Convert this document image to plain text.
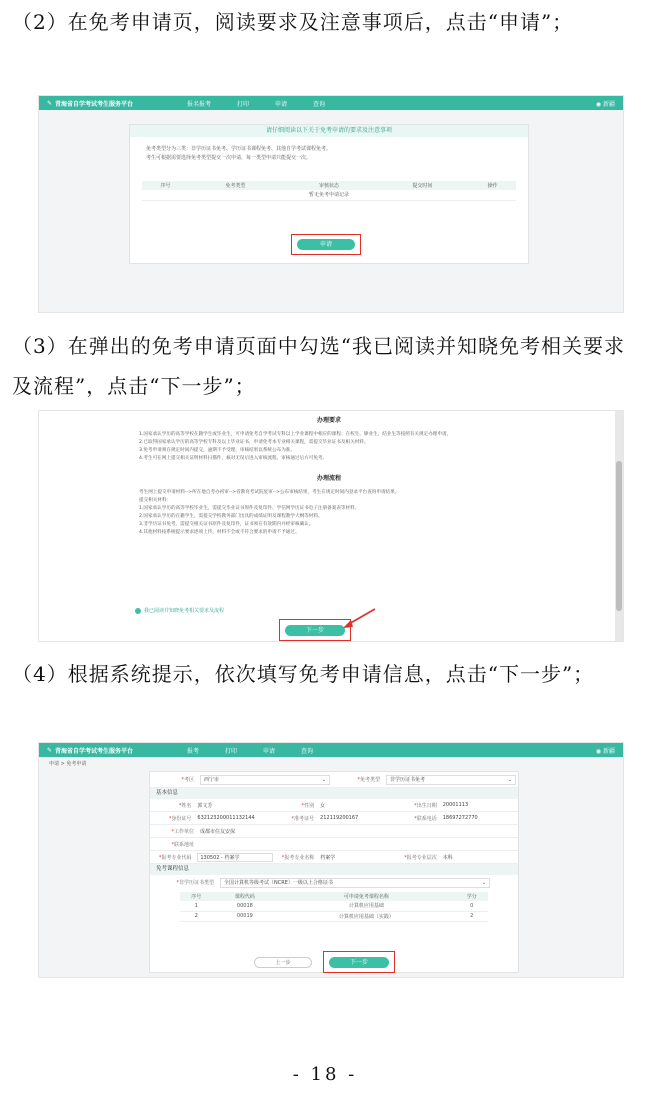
（2）在免考申请页，阅读要求及注意事项后，点击“申请”；
✎ 青海省自学考试考生服务平台	报名报考	打印	申请	查询	◉ 新疆
请仔细阅读以下关于免考申请的要求及注意事项
免考类型分为三类：非学历证书免考、学历证书课程免考、其他自学考试课程免考。
考生可根据需要选择免考类型提交一次申请，每一类型申请只能提交一次。
序号	免考类型	审核状态	提交时间	操作
暂无免考申请记录
申请
（3）在弹出的免考申请页面中勾选“我已阅读并知晓免考相关要求及流程”，点击“下一步”；
办理要求
1.国家承认学历的高等学校在籍学生或毕业生，可申请免考自学考试专科以上学业课程中相应的课程；在校生、肄业生、结业生等按照有关规定办理申请。
2.已取得国家承认学历的高等学校专科及以上毕业证书，申请免考本专业相关课程，需提交毕业证书及相关材料。
3.免考申请须在规定时间内提交，逾期不予受理，审核结果以系统公布为准。
4.考生可在网上提交相关证明材料扫描件，核对无误后进入审核流程，审核通过后方可免考。
办理流程
考生网上提交申请材料-->所在地自考办初审-->省教育考试院复审-->公布审核结果，考生在规定时间内登录平台查询申请结果。
提交相关材料：
1.国家承认学历的高等学校毕业生，需提交毕业证书原件及复印件、学信网学历证书电子注册备案表等材料。
2.国家承认学历的在籍学生，需提交学校教务部门出具的成绩证明及课程教学大纲等材料。
3.非学历证书免考，需提交相关证书原件及复印件，证书须在有效期内并经审核确认。
4.其他材料按系统提示要求逐项上传，材料不全或不符合要求的申请不予通过。
我已阅读并知晓免考相关要求及流程
下一步
（4）根据系统提示，依次填写免考申请信息，点击“下一步”；
✎ 青海省自学考试考生服务平台	报考	打印	申请	查询	◉ 新疆
申请 > 免考申请
*考区	西宁市	⌄	*免考类型	非学历证书免考	⌄
基本信息
*姓名	郭文芳	*性别	女	*出生日期	20001113
*身份证号	632123200011132144	*准考证号	212119200167	*联系电话	18697272770
*工作单位	成都市住友安保
*联系地址
*报考专业代码	130502 - 档案学	*报考专业名称	档案学	*报考专业层次	本科
免考课程信息
*非学历证书类型	全国计算机等级考试（NCRE）一级以上合格证书	⌄
序号	课程代码	可申请免考课程名称	学分
1	00018	计算机应用基础	0
2	00019	计算机应用基础（实践）	2
上一步	下一步
- 18 -
